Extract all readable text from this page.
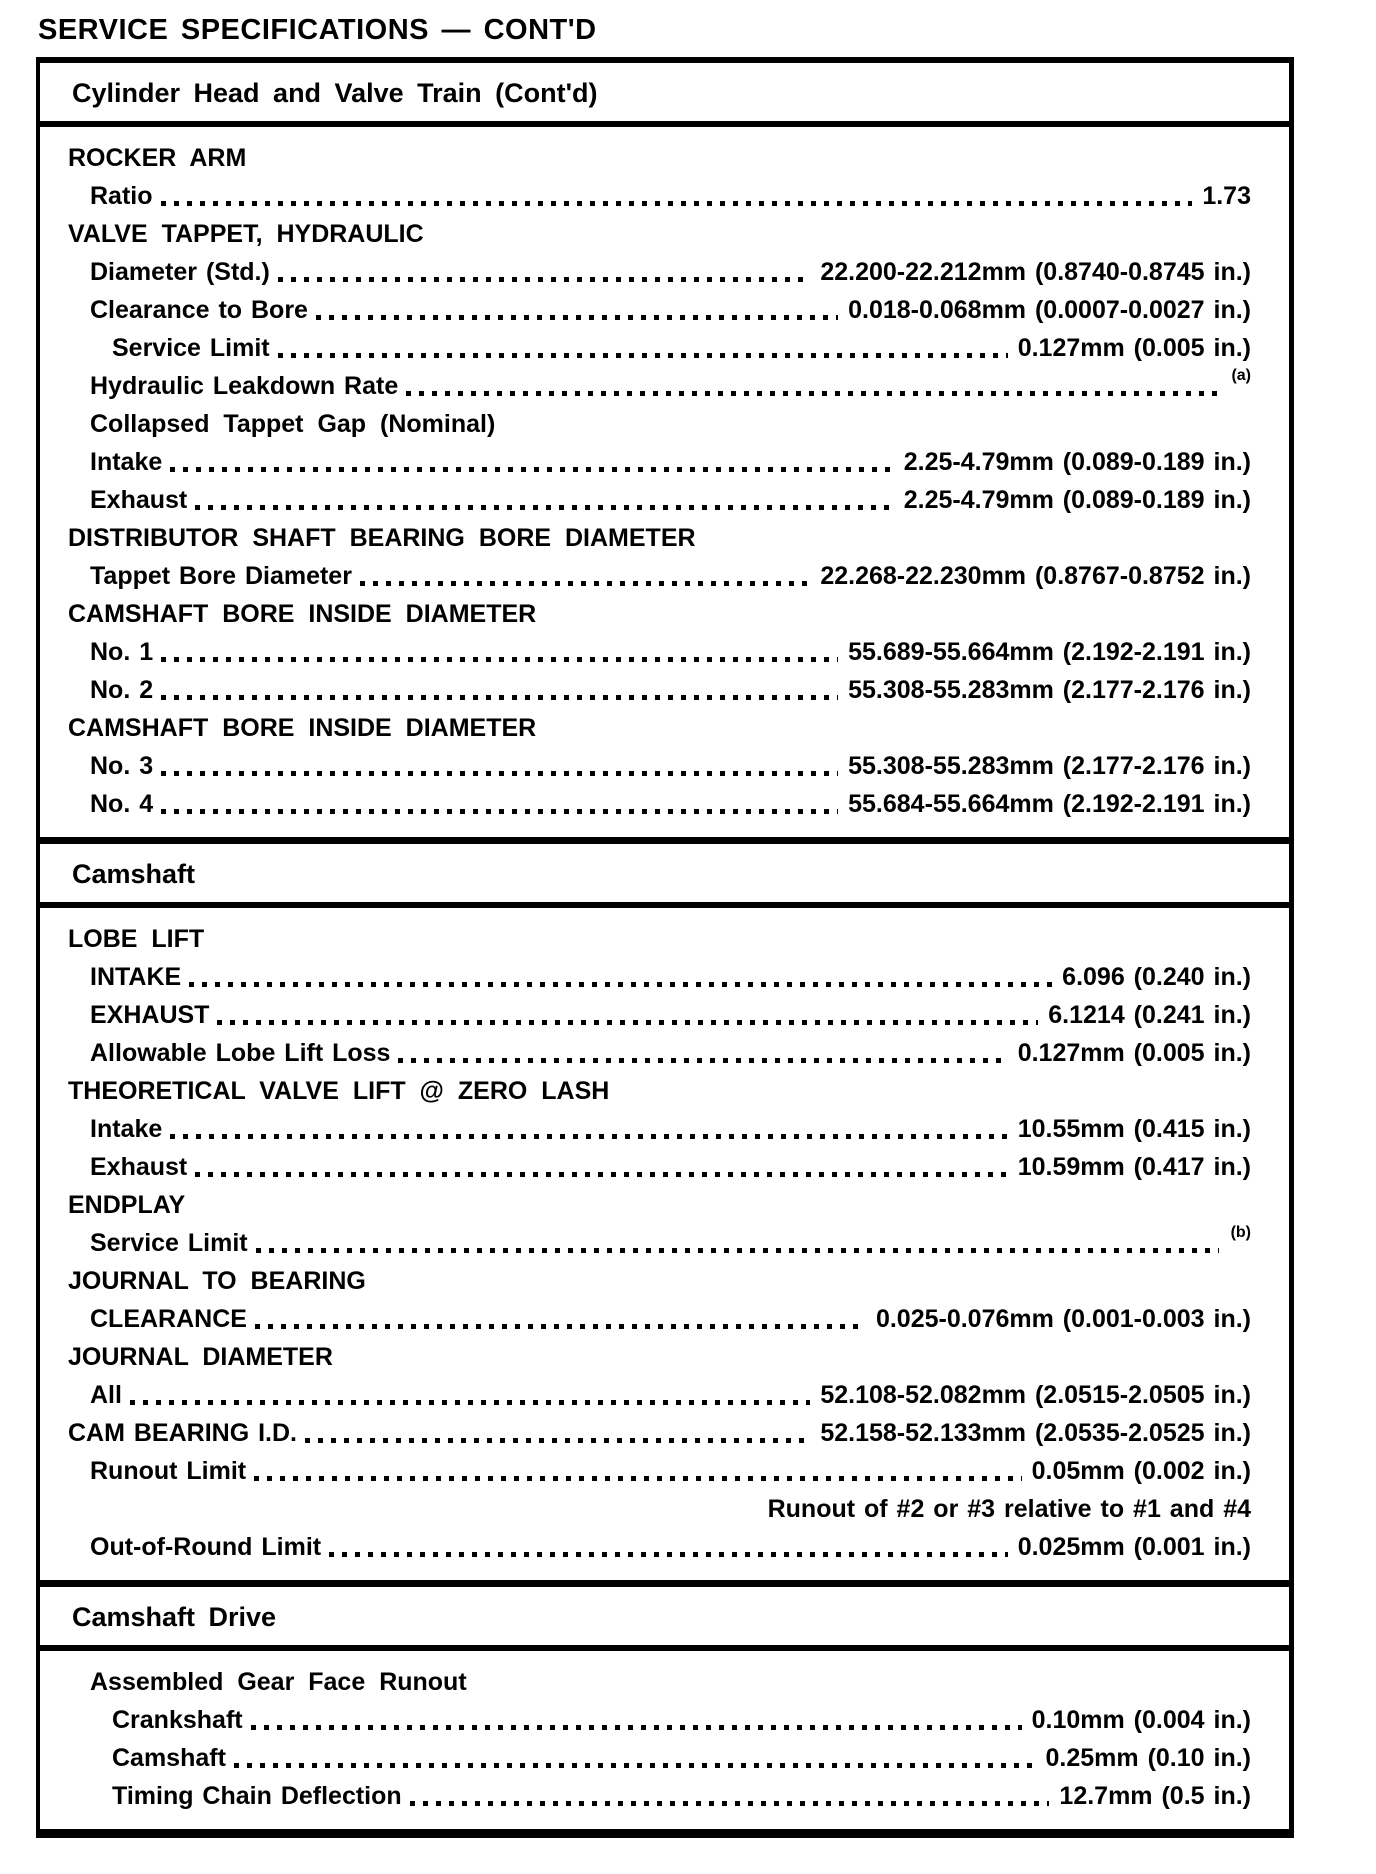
SERVICE SPECIFICATIONS — CONT'D
Cylinder Head and Valve Train (Cont'd)
ROCKER ARM
Ratio	1.73
VALVE TAPPET, HYDRAULIC
Diameter (Std.)	22.200-22.212mm (0.8740-0.8745 in.)
Clearance to Bore	0.018-0.068mm (0.0007-0.0027 in.)
Service Limit	0.127mm (0.005 in.)
Hydraulic Leakdown Rate	(a)
Collapsed Tappet Gap (Nominal)
Intake	2.25-4.79mm (0.089-0.189 in.)
Exhaust	2.25-4.79mm (0.089-0.189 in.)
DISTRIBUTOR SHAFT BEARING BORE DIAMETER
Tappet Bore Diameter	22.268-22.230mm (0.8767-0.8752 in.)
CAMSHAFT BORE INSIDE DIAMETER
No. 1	55.689-55.664mm (2.192-2.191 in.)
No. 2	55.308-55.283mm (2.177-2.176 in.)
CAMSHAFT BORE INSIDE DIAMETER
No. 3	55.308-55.283mm (2.177-2.176 in.)
No. 4	55.684-55.664mm (2.192-2.191 in.)
Camshaft
LOBE LIFT
INTAKE	6.096 (0.240 in.)
EXHAUST	6.1214 (0.241 in.)
Allowable Lobe Lift Loss	0.127mm (0.005 in.)
THEORETICAL VALVE LIFT @ ZERO LASH
Intake	10.55mm (0.415 in.)
Exhaust	10.59mm (0.417 in.)
ENDPLAY
Service Limit	(b)
JOURNAL TO BEARING
CLEARANCE	0.025-0.076mm (0.001-0.003 in.)
JOURNAL DIAMETER
All	52.108-52.082mm (2.0515-2.0505 in.)
CAM BEARING I.D.	52.158-52.133mm (2.0535-2.0525 in.)
Runout Limit	0.05mm (0.002 in.)
Runout of #2 or #3 relative to #1 and #4
Out-of-Round Limit	0.025mm (0.001 in.)
Camshaft Drive
Assembled Gear Face Runout
Crankshaft	0.10mm (0.004 in.)
Camshaft	0.25mm (0.10 in.)
Timing Chain Deflection	12.7mm (0.5 in.)
